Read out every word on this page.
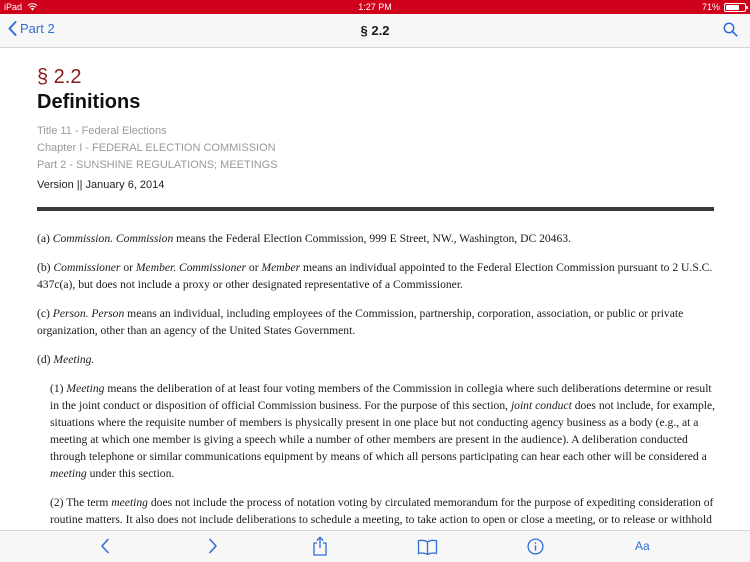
iPad	1:27 PM	71%
Part 2	§ 2.2
§ 2.2
Definitions
Title 11 - Federal Elections
Chapter I - FEDERAL ELECTION COMMISSION
Part 2 - SUNSHINE REGULATIONS; MEETINGS
Version || January 6, 2014

(a) Commission. Commission means the Federal Election Commission, 999 E Street, NW., Washington, DC 20463.

(b) Commissioner or Member. Commissioner or Member means an individual appointed to the Federal Election Commission pursuant to 2 U.S.C. 437c(a), but does not include a proxy or other designated representative of a Commissioner.

(c) Person. Person means an individual, including employees of the Commission, partnership, corporation, association, or public or private organization, other than an agency of the United States Government.

(d) Meeting.

(1) Meeting means the deliberation of at least four voting members of the Commission in collegia where such deliberations determine or result in the joint conduct or disposition of official Commission business. For the purpose of this section, joint conduct does not include, for example, situations where the requisite number of members is physically present in one place but not conducting agency business as a body (e.g., at a meeting at which one member is giving a speech while a number of other members are present in the audience). A deliberation conducted through telephone or similar communications equipment by means of which all persons participating can hear each other will be considered a meeting under this section.

(2) The term meeting does not include the process of notation voting by circulated memorandum for the purpose of expediting consideration of routine matters. It also does not include deliberations to schedule a meeting, to take action to open or close a meeting, or to release or withhold

Aa
